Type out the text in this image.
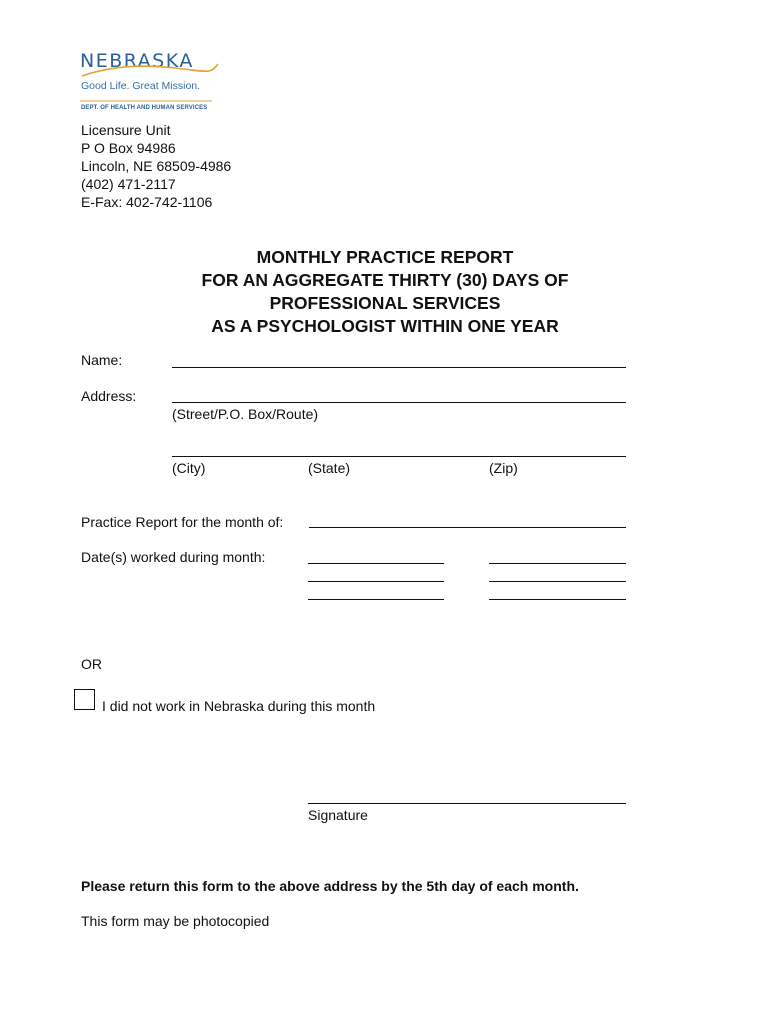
NEBRASKA
Good Life. Great Mission.
DEPT. OF HEALTH AND HUMAN SERVICES
Licensure Unit
P O Box 94986
Lincoln, NE 68509-4986
(402) 471-2117
E-Fax: 402-742-1106
MONTHLY PRACTICE REPORT
FOR AN AGGREGATE THIRTY (30) DAYS OF
PROFESSIONAL SERVICES
AS A PSYCHOLOGIST WITHIN ONE YEAR
Name:
Address:
(Street/P.O. Box/Route)
(City)	(State)	(Zip)
Practice Report for the month of:
Date(s) worked during month:
OR
I did not work in Nebraska during this month
Signature
Please return this form to the above address by the 5th day of each month.
This form may be photocopied
